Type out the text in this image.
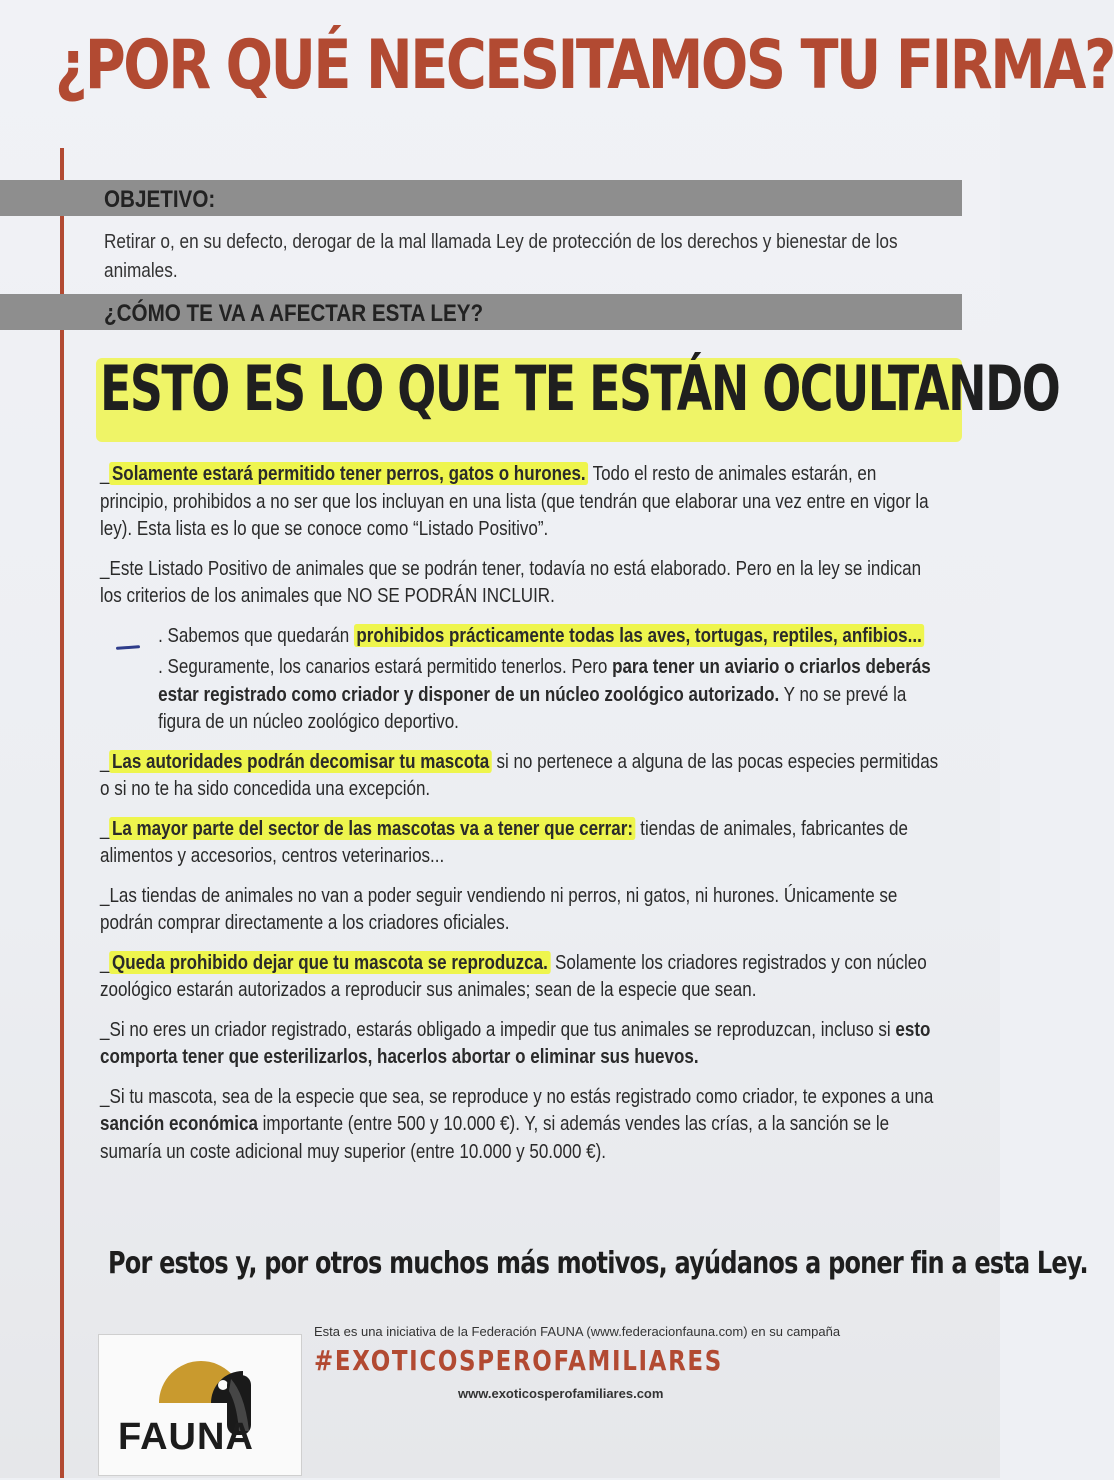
¿POR QUÉ NECESITAMOS TU FIRMA?
OBJETIVO:
Retirar o, en su defecto, derogar de la mal llamada Ley de protección de los derechos y bienestar de los animales.
¿CÓMO TE VA A AFECTAR ESTA LEY?
ESTO ES LO QUE TE ESTÁN OCULTANDO

_ Solamente estará permitido tener perros, gatos o hurones. Todo el resto de animales estarán, en principio, prohibidos a no ser que los incluyan en una lista (que tendrán que elaborar una vez entre en vigor la ley). Esta lista es lo que se conoce como “Listado Positivo”.

_Este Listado Positivo de animales que se podrán tener, todavía no está elaborado. Pero en la ley se indican los criterios de los animales que NO SE PODRÁN INCLUIR.

. Sabemos que quedarán prohibidos prácticamente todas las aves, tortugas, reptiles, anfibios...

. Seguramente, los canarios estará permitido tenerlos. Pero para tener un aviario o criarlos deberás estar registrado como criador y disponer de un núcleo zoológico autorizado. Y no se prevé la figura de un núcleo zoológico deportivo.

_ Las autoridades podrán decomisar tu mascota si no pertenece a alguna de las pocas especies permitidas o si no te ha sido concedida una excepción.

_ La mayor parte del sector de las mascotas va a tener que cerrar: tiendas de animales, fabricantes de alimentos y accesorios, centros veterinarios...

_Las tiendas de animales no van a poder seguir vendiendo ni perros, ni gatos, ni hurones. Únicamente se podrán comprar directamente a los criadores oficiales.

_ Queda prohibido dejar que tu mascota se reproduzca. Solamente los criadores registrados y con núcleo zoológico estarán autorizados a reproducir sus animales; sean de la especie que sean.

_Si no eres un criador registrado, estarás obligado a impedir que tus animales se reproduzcan, incluso si esto comporta tener que esterilizarlos, hacerlos abortar o eliminar sus huevos.

_Si tu mascota, sea de la especie que sea, se reproduce y no estás registrado como criador, te expones a una sanción económica importante (entre 500 y 10.000 €). Y, si además vendes las crías, a la sanción se le sumaría un coste adicional muy superior (entre 10.000 y 50.000 €).

Por estos y, por otros muchos más motivos, ayúdanos a poner fin a esta Ley.
FAUNA
Esta es una iniciativa de la Federación FAUNA (www.federacionfauna.com) en su campaña
#EXOTICOSPEROFAMILIARES
www.exoticosperofamiliares.com
